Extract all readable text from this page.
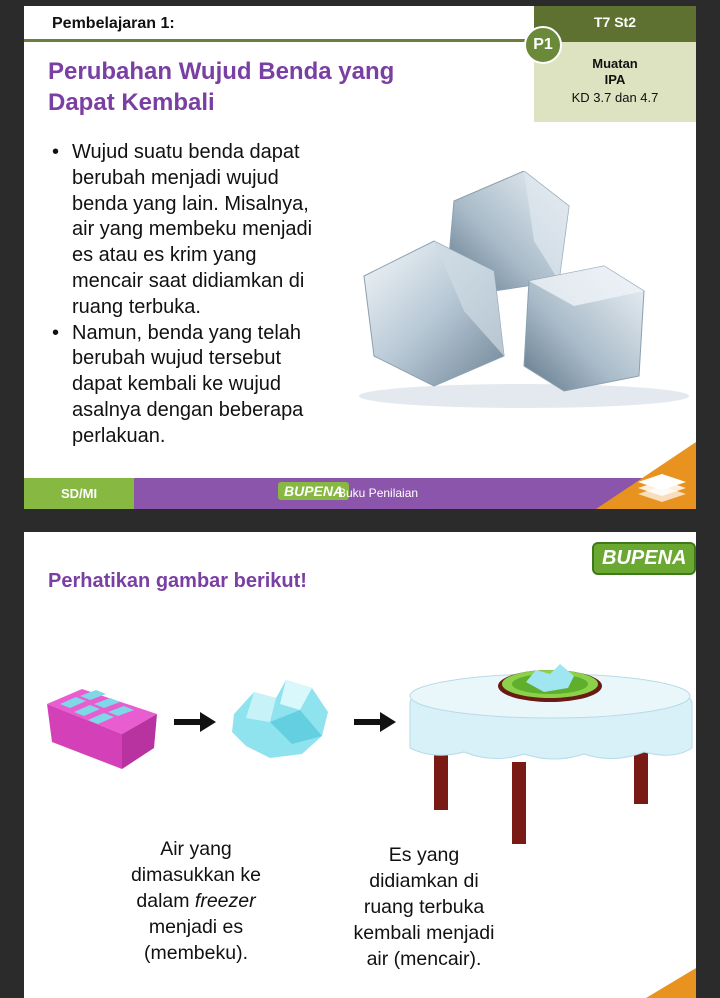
Pembelajaran 1:	T7 St2
Muatan
IPA
KD 3.7 dan 4.7
P1
Perubahan Wujud Benda yang
Dapat Kembali
• Wujud suatu benda dapat
berubah menjadi wujud
benda yang lain. Misalnya,
air yang membeku menjadi
es atau es krim yang
mencair saat didiamkan di
ruang terbuka.
• Namun, benda yang telah
berubah wujud tersebut
dapat kembali ke wujud
asalnya dengan beberapa
perlakuan.
SD/MI	BUPENA
Buku Penilaian
BUPENA
Perhatikan gambar berikut!

Air yang
dimasukkan ke
dalam freezer
menjadi es
(membeku).

Es yang
didiamkan di
ruang terbuka
kembali menjadi
air (mencair).
